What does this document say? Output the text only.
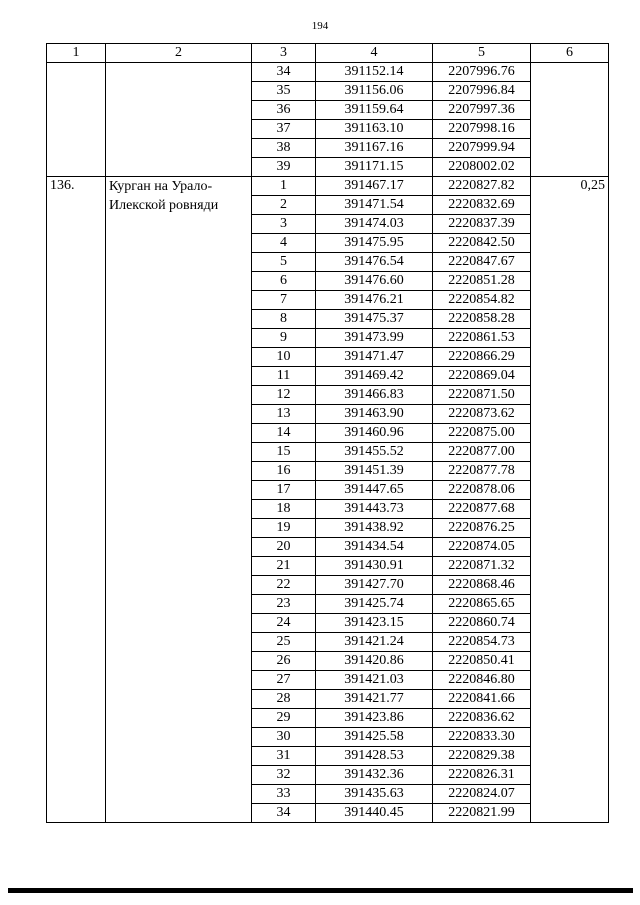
194
1	2	3	4	5	6
		34	391152.14	2207996.76	
		35	391156.06	2207996.84	
		36	391159.64	2207997.36	
		37	391163.10	2207998.16	
		38	391167.16	2207999.94	
		39	391171.15	2208002.02	
136.	Курган на Урало-Илекской ровняди	1	391467.17	2220827.82	0,25
		2	391471.54	2220832.69	
		3	391474.03	2220837.39	
		4	391475.95	2220842.50	
		5	391476.54	2220847.67	
		6	391476.60	2220851.28	
		7	391476.21	2220854.82	
		8	391475.37	2220858.28	
		9	391473.99	2220861.53	
		10	391471.47	2220866.29	
		11	391469.42	2220869.04	
		12	391466.83	2220871.50	
		13	391463.90	2220873.62	
		14	391460.96	2220875.00	
		15	391455.52	2220877.00	
		16	391451.39	2220877.78	
		17	391447.65	2220878.06	
		18	391443.73	2220877.68	
		19	391438.92	2220876.25	
		20	391434.54	2220874.05	
		21	391430.91	2220871.32	
		22	391427.70	2220868.46	
		23	391425.74	2220865.65	
		24	391423.15	2220860.74	
		25	391421.24	2220854.73	
		26	391420.86	2220850.41	
		27	391421.03	2220846.80	
		28	391421.77	2220841.66	
		29	391423.86	2220836.62	
		30	391425.58	2220833.30	
		31	391428.53	2220829.38	
		32	391432.36	2220826.31	
		33	391435.63	2220824.07	
		34	391440.45	2220821.99	
